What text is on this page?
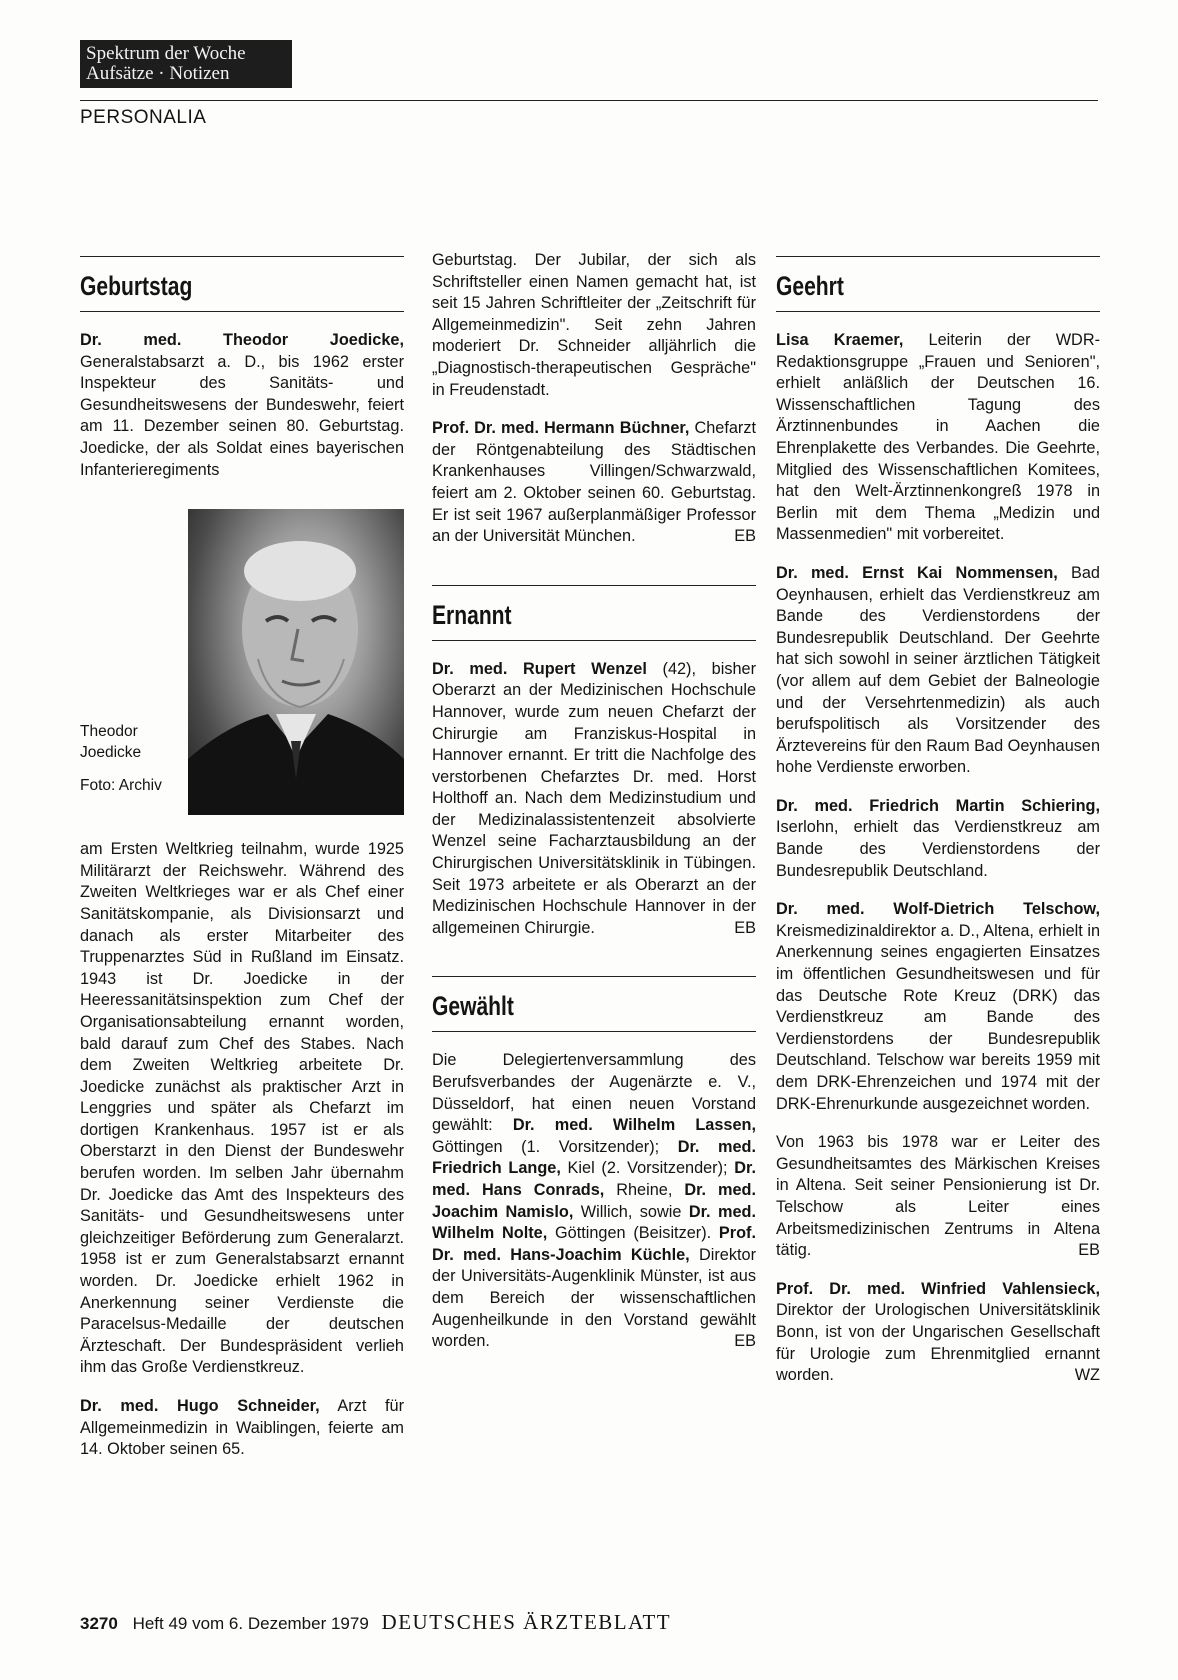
Spektrum der Woche
Aufsätze · Notizen
PERSONALIA
Geburtstag

Dr. med. Theodor Joedicke, Generalstabsarzt a. D., bis 1962 erster Inspekteur des Sanitäts- und Gesundheitswesens der Bundeswehr, feiert am 11. Dezember seinen 80. Geburtstag. Joedicke, der als Soldat eines bayerischen Infanterieregiments

Theodor Joedicke
Foto: Archiv

am Ersten Weltkrieg teilnahm, wurde 1925 Militärarzt der Reichswehr. Während des Zweiten Weltkrieges war er als Chef einer Sanitätskompanie, als Divisionsarzt und danach als erster Mitarbeiter des Truppenarztes Süd in Rußland im Einsatz. 1943 ist Dr. Joedicke in der Heeressanitätsinspektion zum Chef der Organisationsabteilung ernannt worden, bald darauf zum Chef des Stabes. Nach dem Zweiten Weltkrieg arbeitete Dr. Joedicke zunächst als praktischer Arzt in Lenggries und später als Chefarzt im dortigen Krankenhaus. 1957 ist er als Oberstarzt in den Dienst der Bundeswehr berufen worden. Im selben Jahr übernahm Dr. Joedicke das Amt des Inspekteurs des Sanitäts- und Gesundheitswesens unter gleichzeitiger Beförderung zum Generalarzt. 1958 ist er zum Generalstabsarzt ernannt worden. Dr. Joedicke erhielt 1962 in Anerkennung seiner Verdienste die Paracelsus-Medaille der deutschen Ärzteschaft. Der Bundespräsident verlieh ihm das Große Verdienstkreuz.

Dr. med. Hugo Schneider, Arzt für Allgemeinmedizin in Waiblingen, feierte am 14. Oktober seinen 65.

Geburtstag. Der Jubilar, der sich als Schriftsteller einen Namen gemacht hat, ist seit 15 Jahren Schriftleiter der „Zeitschrift für Allgemeinmedizin". Seit zehn Jahren moderiert Dr. Schneider alljährlich die „Diagnostisch-therapeutischen Gespräche" in Freudenstadt.

Prof. Dr. med. Hermann Büchner, Chefarzt der Röntgenabteilung des Städtischen Krankenhauses Villingen/Schwarzwald, feiert am 2. Oktober seinen 60. Geburtstag. Er ist seit 1967 außerplanmäßiger Professor an der Universität München.	EB

Ernannt

Dr. med. Rupert Wenzel (42), bisher Oberarzt an der Medizinischen Hochschule Hannover, wurde zum neuen Chefarzt der Chirurgie am Franziskus-Hospital in Hannover ernannt. Er tritt die Nachfolge des verstorbenen Chefarztes Dr. med. Horst Holthoff an. Nach dem Medizinstudium und der Medizinalassistentenzeit absolvierte Wenzel seine Facharztausbildung an der Chirurgischen Universitätsklinik in Tübingen. Seit 1973 arbeitete er als Oberarzt an der Medizinischen Hochschule Hannover in der allgemeinen Chirurgie.	EB

Gewählt

Die Delegiertenversammlung des Berufsverbandes der Augenärzte e. V., Düsseldorf, hat einen neuen Vorstand gewählt: Dr. med. Wilhelm Lassen, Göttingen (1. Vorsitzender); Dr. med. Friedrich Lange, Kiel (2. Vorsitzender); Dr. med. Hans Conrads, Rheine, Dr. med. Joachim Namislo, Willich, sowie Dr. med. Wilhelm Nolte, Göttingen (Beisitzer). Prof. Dr. med. Hans-Joachim Küchle, Direktor der Universitäts-Augenklinik Münster, ist aus dem Bereich der wissenschaftlichen Augenheilkunde in den Vorstand gewählt worden.	EB

Geehrt

Lisa Kraemer, Leiterin der WDR-Redaktionsgruppe „Frauen und Senioren", erhielt anläßlich der Deutschen 16. Wissenschaftlichen Tagung des Ärztinnenbundes in Aachen die Ehrenplakette des Verbandes. Die Geehrte, Mitglied des Wissenschaftlichen Komitees, hat den Welt-Ärztinnenkongreß 1978 in Berlin mit dem Thema „Medizin und Massenmedien" mit vorbereitet.

Dr. med. Ernst Kai Nommensen, Bad Oeynhausen, erhielt das Verdienstkreuz am Bande des Verdienstordens der Bundesrepublik Deutschland. Der Geehrte hat sich sowohl in seiner ärztlichen Tätigkeit (vor allem auf dem Gebiet der Balneologie und der Versehrtenmedizin) als auch berufspolitisch als Vorsitzender des Ärztevereins für den Raum Bad Oeynhausen hohe Verdienste erworben.

Dr. med. Friedrich Martin Schiering, Iserlohn, erhielt das Verdienstkreuz am Bande des Verdienstordens der Bundesrepublik Deutschland.

Dr. med. Wolf-Dietrich Telschow, Kreismedizinaldirektor a. D., Altena, erhielt in Anerkennung seines engagierten Einsatzes im öffentlichen Gesundheitswesen und für das Deutsche Rote Kreuz (DRK) das Verdienstkreuz am Bande des Verdienstordens der Bundesrepublik Deutschland. Telschow war bereits 1959 mit dem DRK-Ehrenzeichen und 1974 mit der DRK-Ehrenurkunde ausgezeichnet worden.

Von 1963 bis 1978 war er Leiter des Gesundheitsamtes des Märkischen Kreises in Altena. Seit seiner Pensionierung ist Dr. Telschow als Leiter eines Arbeitsmedizinischen Zentrums in Altena tätig.	EB

Prof. Dr. med. Winfried Vahlensieck, Direktor der Urologischen Universitätsklinik Bonn, ist von der Ungarischen Gesellschaft für Urologie zum Ehrenmitglied ernannt worden.	WZ

3270 Heft 49 vom 6. Dezember 1979 DEUTSCHES ÄRZTEBLATT
